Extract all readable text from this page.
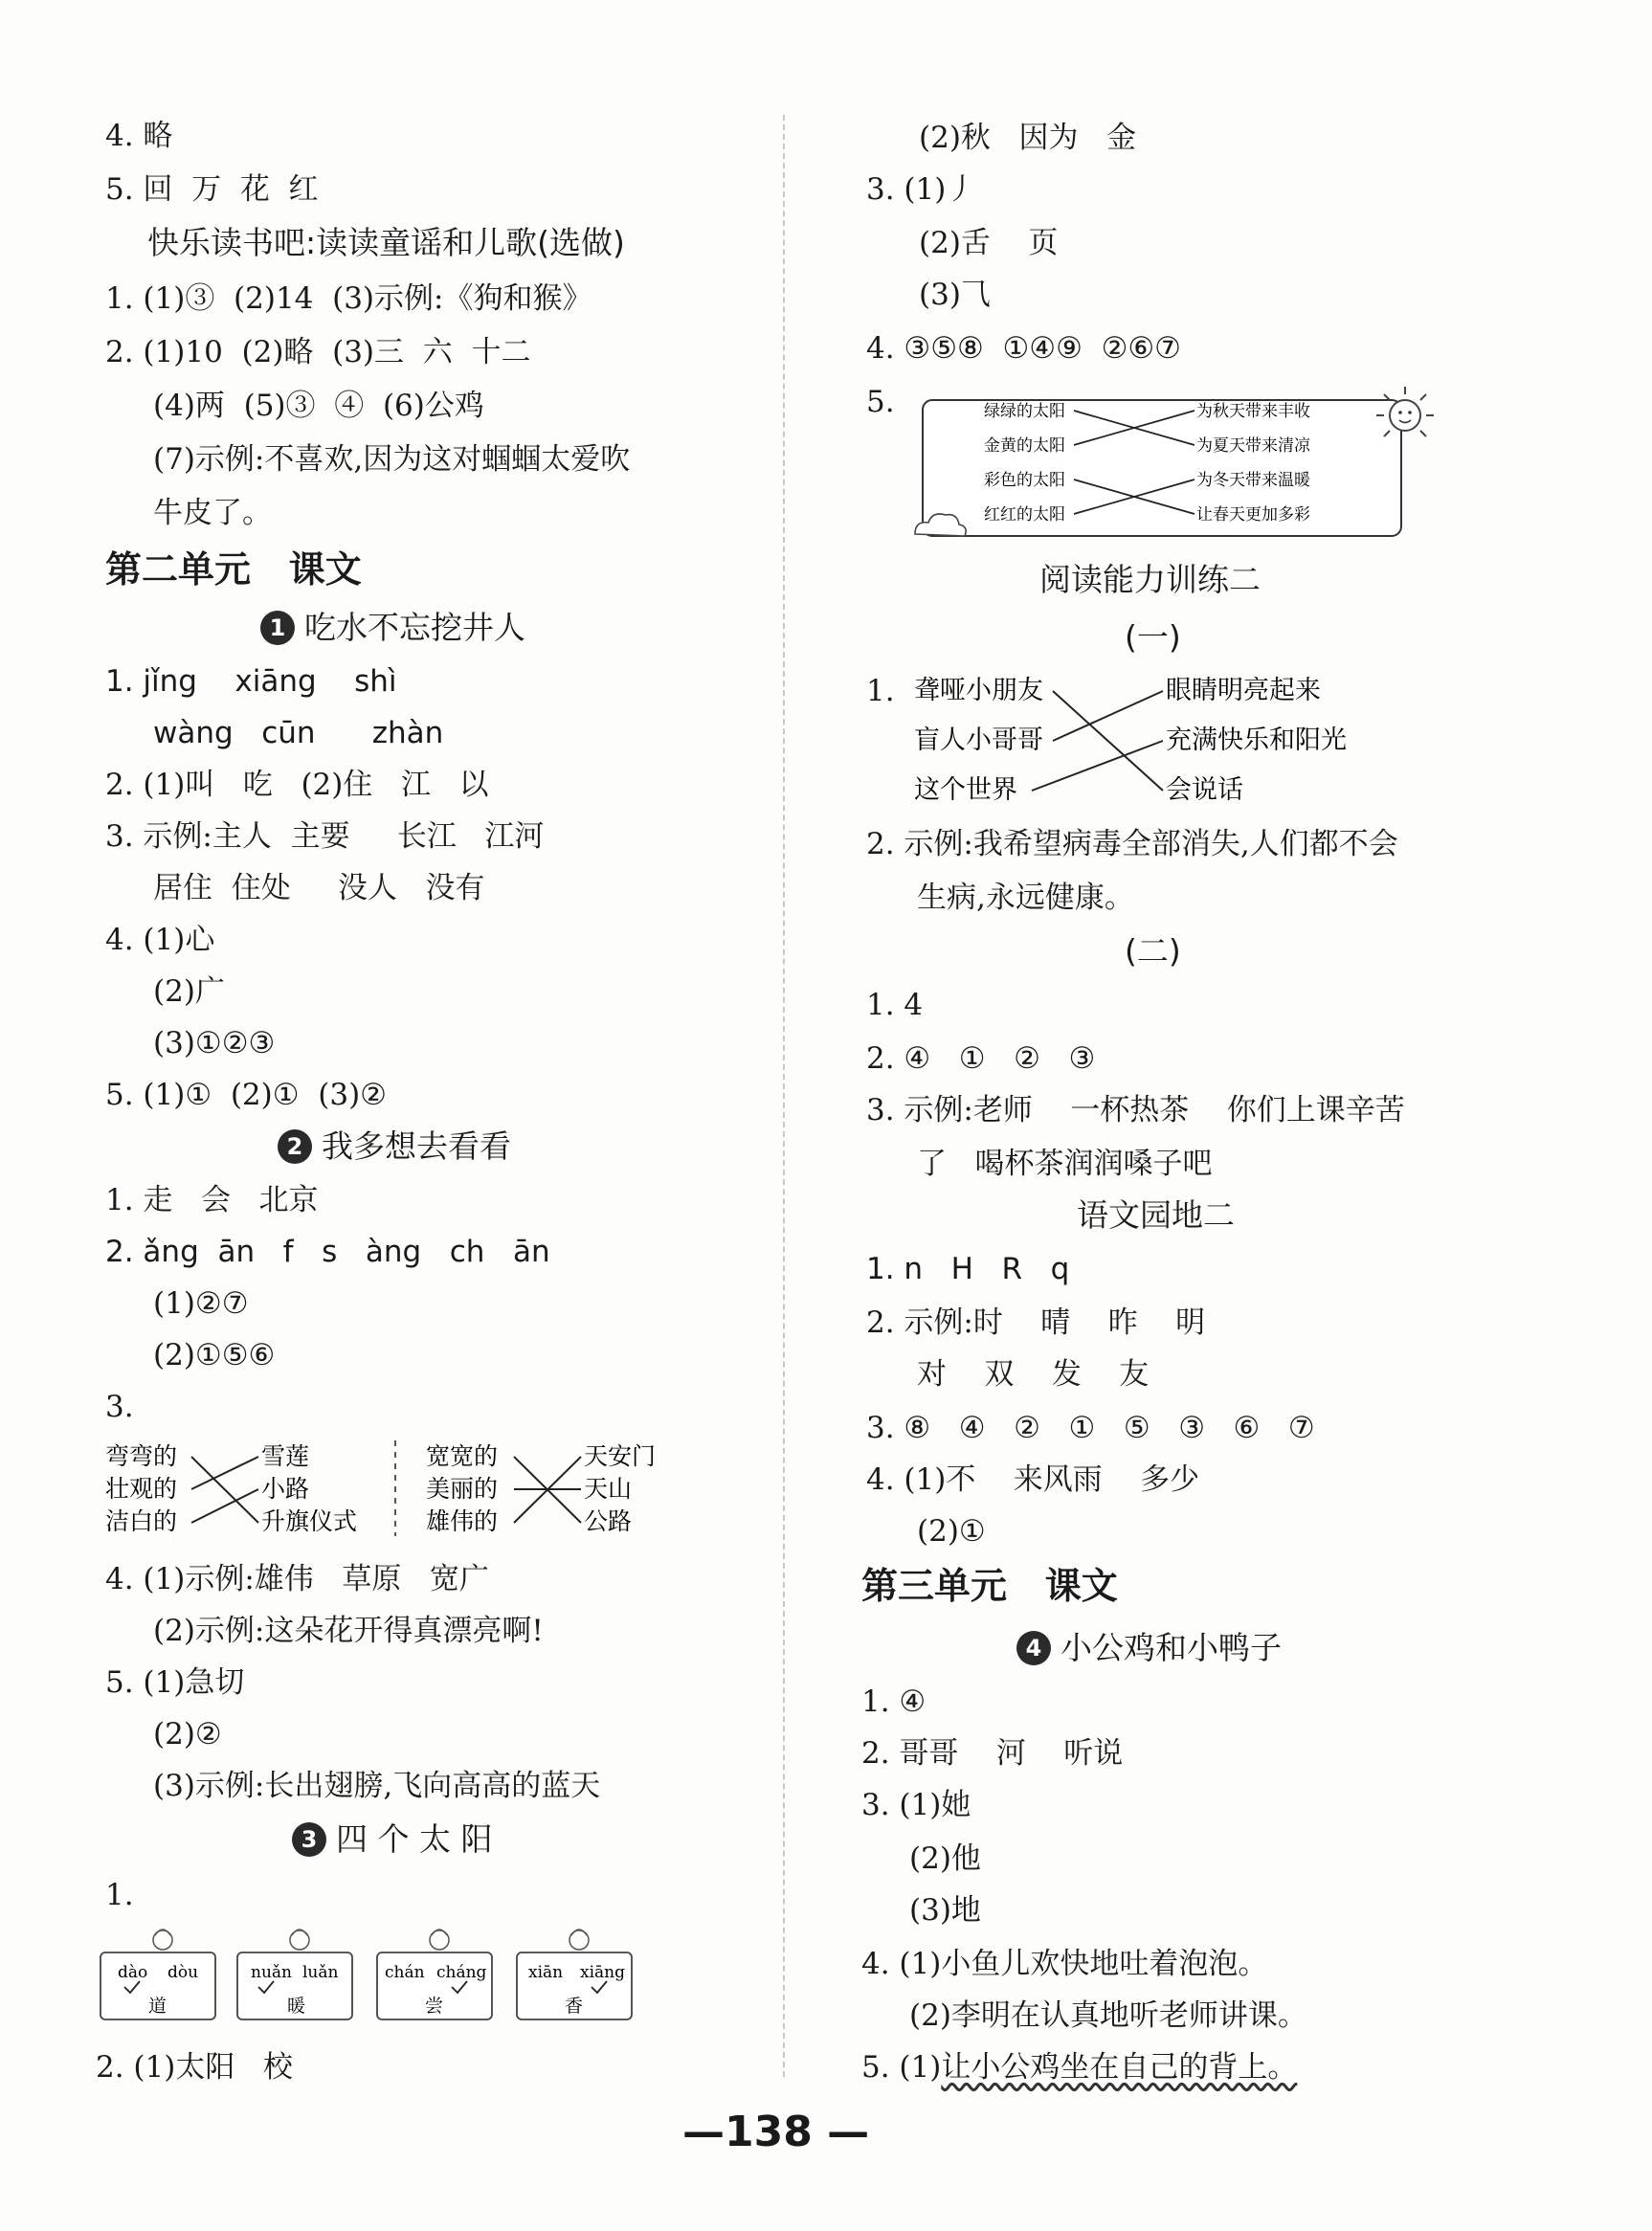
4. 略
5. 回  万  花  红
快乐读书吧:读读童谣和儿歌(选做)
1. (1)③  (2)14  (3)示例:《狗和猴》
2. (1)10  (2)略  (3)三  六  十二
(4)两  (5)③  ④  (6)公鸡
(7)示例:不喜欢,因为这对蝈蝈太爱吹
牛皮了。
第二单元   课文
1 吃水不忘挖井人
1. jǐng    xiāng    shì
wàng   cūn      zhàn
2. (1)叫   吃   (2)住   江   以
3. 示例:主人  主要     长江   江河
居住  住处     没人   没有
4. (1)心
(2)广
(3)①②③
5. (1)①  (2)①  (3)②
2 我多想去看看
1. 走   会   北京
2. ǎng  ān   f   s   àng   ch   ān
(1)②⑦
(2)①⑤⑥
3.
弯弯的
壮观的
洁白的
雪莲
小路
升旗仪式
宽宽的
美丽的
雄伟的
天安门
天山
公路
4. (1)示例:雄伟   草原   宽广
(2)示例:这朵花开得真漂亮啊!
5. (1)急切
(2)②
(3)示例:长出翅膀,飞向高高的蓝天
3 四 个 太 阳
1.
dào dòu
道
nuǎn luǎn
暖
chán cháng
尝
xiān xiāng
香
2. (1)太阳   校
(2)秋   因为   金
3. (1)丿
(2)舌    页
(3)⺄
4. ③⑤⑧  ①④⑨  ②⑥⑦
5.	绿绿的太阳
金黄的太阳
彩色的太阳
红红的太阳
为秋天带来丰收
为夏天带来清凉
为冬天带来温暖
让春天更加多彩
阅读能力训练二
(一)
1. 聋哑小朋友
盲人小哥哥
这个世界
眼睛明亮起来
充满快乐和阳光
会说话
2. 示例:我希望病毒全部消失,人们都不会
生病,永远健康。
(二)
1. 4
2. ④   ①   ②   ③
3. 示例:老师    一杯热茶    你们上课辛苦
了   喝杯茶润润嗓子吧
语文园地二
1. n   H   R   q
2. 示例:时    晴    昨    明
对    双    发    友
3. ⑧   ④   ②   ①   ⑤   ③   ⑥   ⑦
4. (1)不    来风雨    多少
(2)①
第三单元   课文
4 小公鸡和小鸭子
1. ④
2. 哥哥    河    听说
3. (1)她
(2)他
(3)地
4. (1)小鱼儿欢快地吐着泡泡。
(2)李明在认真地听老师讲课。
5. (1)让小公鸡坐在自己的背上。
—138 —
